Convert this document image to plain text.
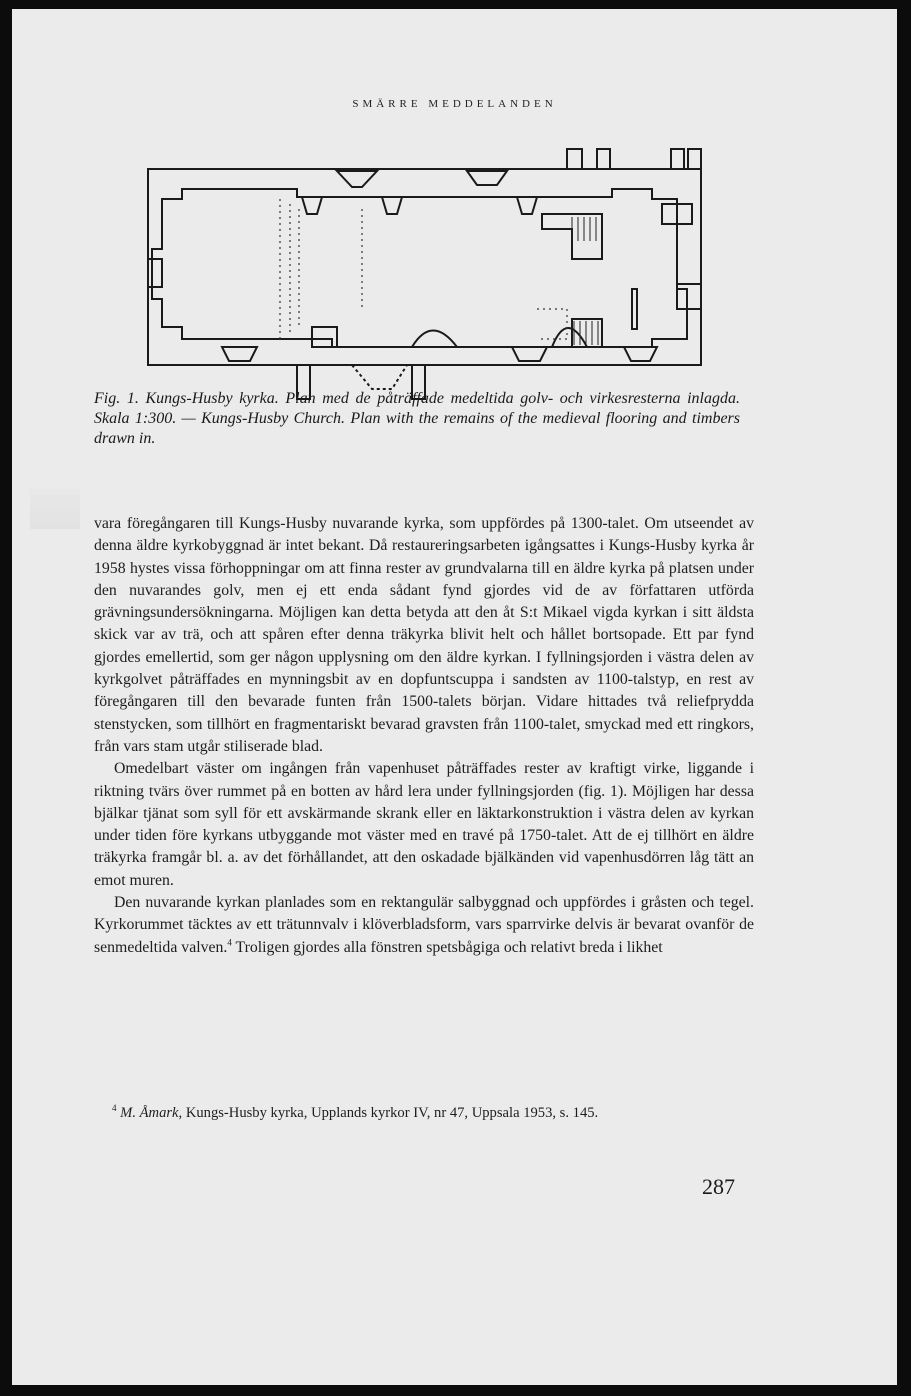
SMÄRRE MEDDELANDEN
Fig. 1. Kungs-Husby kyrka. Plan med de påträffade medeltida golv- och virkesresterna inlagda. Skala 1:300. — Kungs-Husby Church. Plan with the remains of the medieval flooring and timbers drawn in.

vara föregångaren till Kungs-Husby nuvarande kyrka, som uppfördes på 1300-talet. Om utseendet av denna äldre kyrkobyggnad är intet bekant. Då restaureringsarbeten igångsattes i Kungs-Husby kyrka år 1958 hystes vissa förhoppningar om att finna rester av grundvalarna till en äldre kyrka på platsen under den nuvarandes golv, men ej ett enda sådant fynd gjordes vid de av författaren utförda grävningsundersökningarna. Möjligen kan detta betyda att den åt S:t Mikael vigda kyrkan i sitt äldsta skick var av trä, och att spåren efter denna träkyrka blivit helt och hållet bortsopade. Ett par fynd gjordes emellertid, som ger någon upplysning om den äldre kyrkan. I fyllningsjorden i västra delen av kyrkgolvet påträffades en mynningsbit av en dopfuntscuppa i sandsten av 1100-talstyp, en rest av föregångaren till den bevarade funten från 1500-talets början. Vidare hittades två reliefprydda stenstycken, som tillhört en fragmentariskt bevarad gravsten från 1100-talet, smyckad med ett ringkors, från vars stam utgår stiliserade blad.

Omedelbart väster om ingången från vapenhuset påträffades rester av kraftigt virke, liggande i riktning tvärs över rummet på en botten av hård lera under fyllningsjorden (fig. 1). Möjligen har dessa bjälkar tjänat som syll för ett avskärmande skrank eller en läktarkonstruktion i västra delen av kyrkan under tiden före kyrkans utbyggande mot väster med en travé på 1750-talet. Att de ej tillhört en äldre träkyrka framgår bl. a. av det förhållandet, att den oskadade bjälkänden vid vapenhusdörren låg tätt an emot muren.

Den nuvarande kyrkan planlades som en rektangulär salbyggnad och uppfördes i gråsten och tegel. Kyrkorummet täcktes av ett trätunnvalv i klöverbladsform, vars sparrvirke delvis är bevarat ovanför de senmedeltida valven.$^4$ Troligen gjordes alla fönstren spetsbågiga och relativt breda i likhet

$^4$ M. Åmark, Kungs-Husby kyrka, Upplands kyrkor IV, nr 47, Uppsala 1953, s. 145.
287
